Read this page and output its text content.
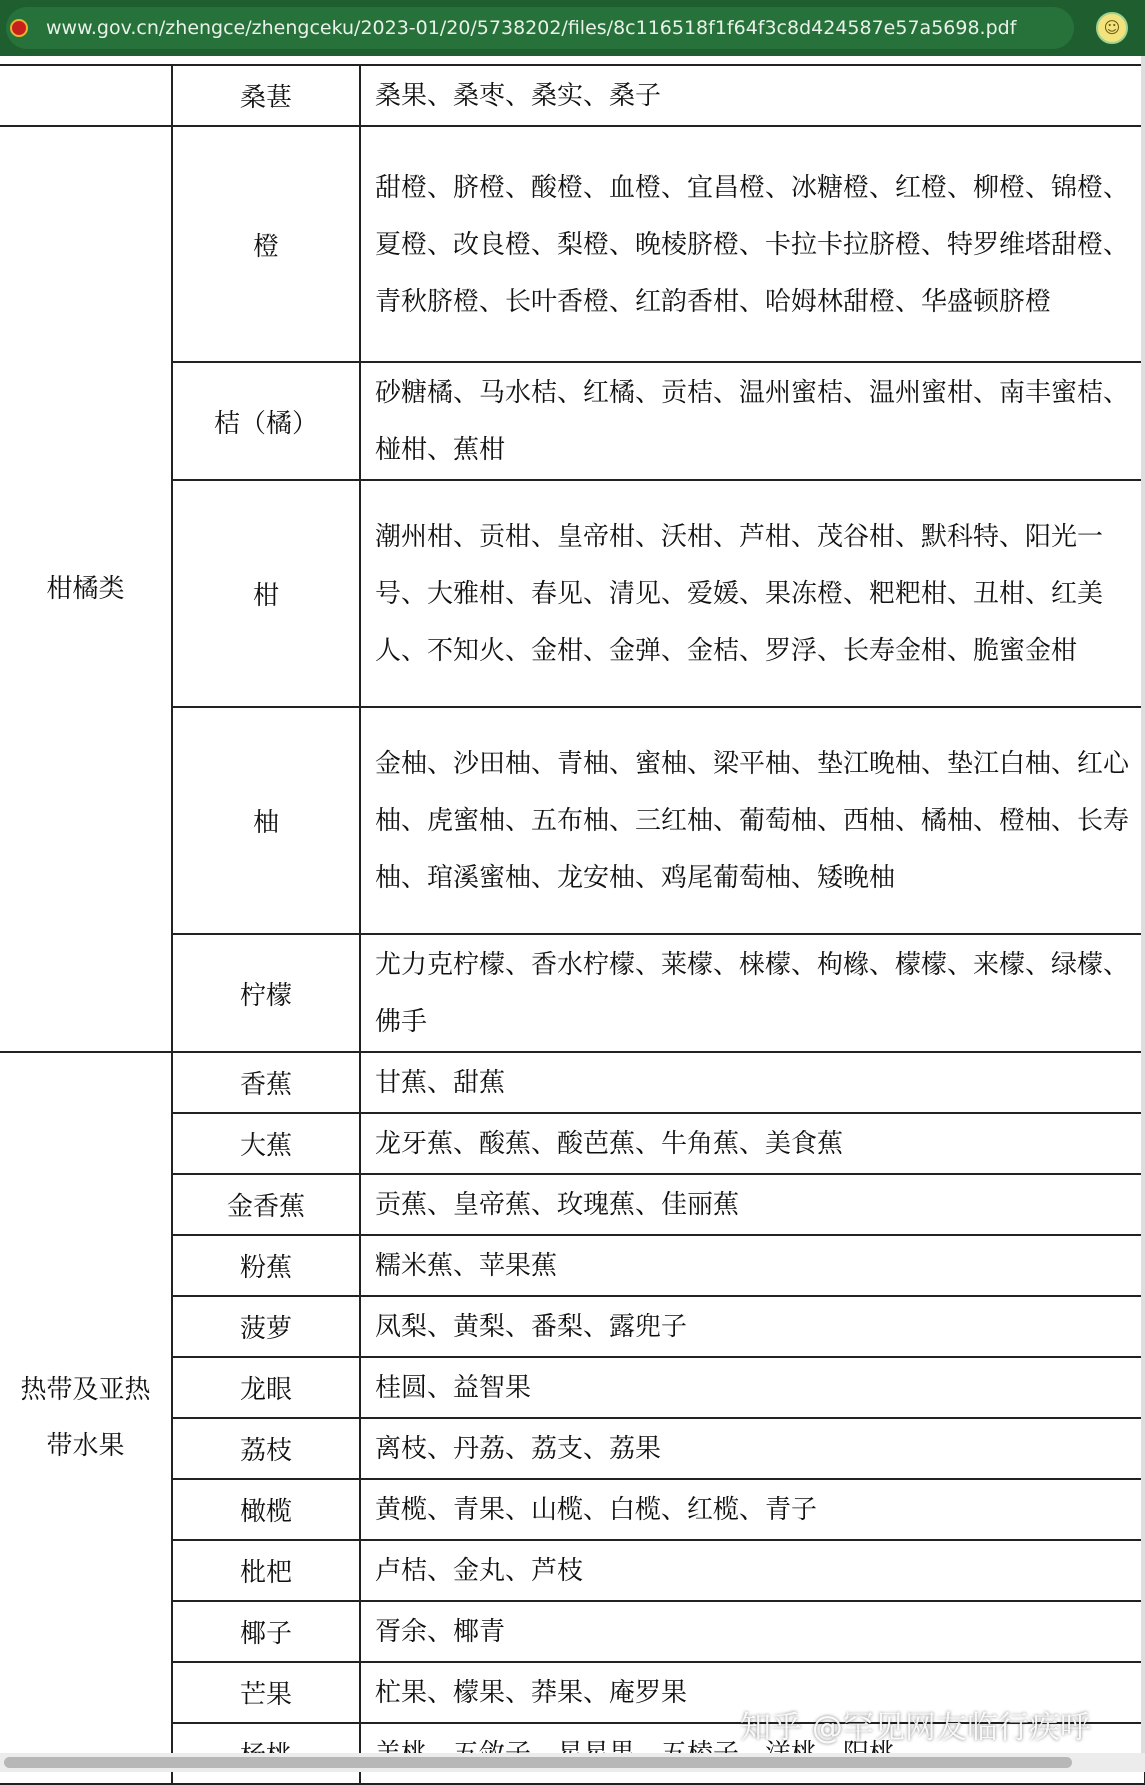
www.gov.cn/zhengce/zhengceku/2023-01/20/5738202/files/8c116518f1f64f3c8d424587e57a5698.pdf	☺
	桑葚	桑果、桑枣、桑实、桑子
柑橘类	橙	甜橙、脐橙、酸橙、血橙、宜昌橙、冰糖橙、红橙、柳橙、锦橙、夏橙、改良橙、梨橙、晚棱脐橙、卡拉卡拉脐橙、特罗维塔甜橙、青秋脐橙、长叶香橙、红韵香柑、哈姆林甜橙、华盛顿脐橙
	桔（橘）	砂糖橘、马水桔、红橘、贡桔、温州蜜桔、温州蜜柑、南丰蜜桔、椪柑、蕉柑
	柑	潮州柑、贡柑、皇帝柑、沃柑、芦柑、茂谷柑、默科特、阳光一号、大雅柑、春见、清见、爱媛、果冻橙、粑粑柑、丑柑、红美人、不知火、金柑、金弹、金桔、罗浮、长寿金柑、脆蜜金柑
	柚	金柚、沙田柚、青柚、蜜柚、梁平柚、垫江晚柚、垫江白柚、红心柚、虎蜜柚、五布柚、三红柚、葡萄柚、西柚、橘柚、橙柚、长寿柚、琯溪蜜柚、龙安柚、鸡尾葡萄柚、矮晚柚
	柠檬	尤力克柠檬、香水柠檬、莱檬、梾檬、枸橼、檬檬、来檬、绿檬、佛手
热带及亚热带水果	香蕉	甘蕉、甜蕉
	大蕉	龙牙蕉、酸蕉、酸芭蕉、牛角蕉、美食蕉
	金香蕉	贡蕉、皇帝蕉、玫瑰蕉、佳丽蕉
	粉蕉	糯米蕉、苹果蕉
	菠萝	凤梨、黄梨、番梨、露兜子
	龙眼	桂圆、益智果
	荔枝	离枝、丹荔、荔支、荔果
	橄榄	黄榄、青果、山榄、白榄、红榄、青子
	枇杷	卢桔、金丸、芦枝
	椰子	胥余、椰青
	芒果	杧果、檬果、莽果、庵罗果

知乎 @罕见网友临行疾呼
